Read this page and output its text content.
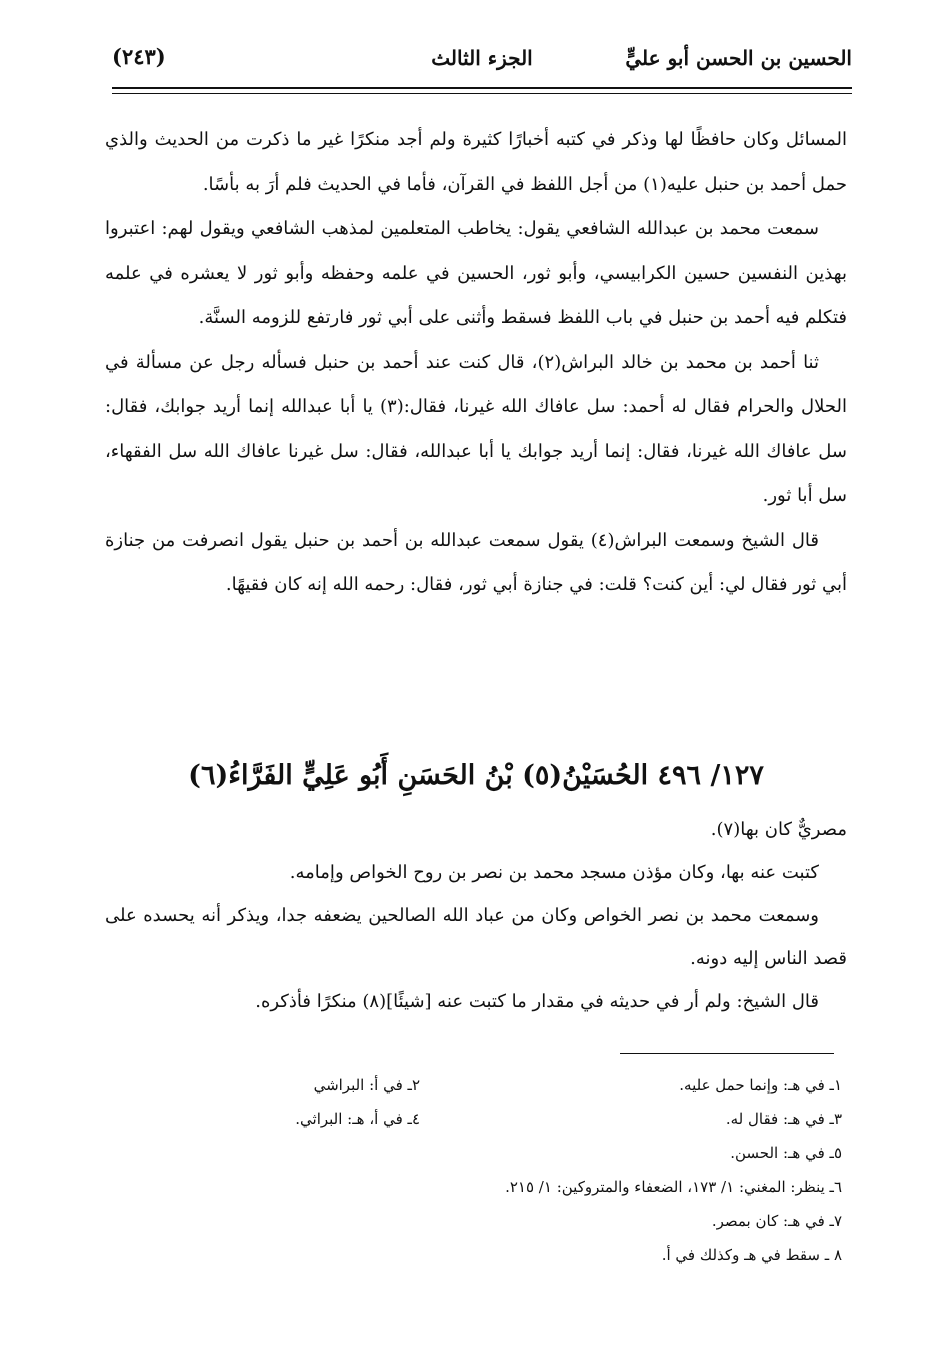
الحسين بن الحسن أبو عليٍّ
الجزء الثالث
(٢٤٣)

المسائل وكان حافظًا لها وذكر في كتبه أخبارًا كثيرة ولم أجد منكرًا غير ما ذكرت من الحديث والذي حمل أحمد بن حنبل عليه(١) من أجل اللفظ في القرآن، فأما في الحديث فلم أرَ به بأسًا.

سمعت محمد بن عبدالله الشافعي يقول: يخاطب المتعلمين لمذهب الشافعي ويقول لهم: اعتبروا بهذين النفسين حسين الكرابيسي، وأبو ثور، الحسين في علمه وحفظه وأبو ثور لا يعشره في علمه فتكلم فيه أحمد بن حنبل في باب اللفظ فسقط وأثنى على أبي ثور فارتفع للزومه السنَّة.

ثنا أحمد بن محمد بن خالد البراش(٢)، قال كنت عند أحمد بن حنبل فسأله رجل عن مسألة في الحلال والحرام فقال له أحمد: سل عافاك الله غيرنا، فقال:(٣) يا أبا عبدالله إنما أريد جوابك، فقال: سل عافاك الله غيرنا، فقال: إنما أريد جوابك يا أبا عبدالله، فقال: سل غيرنا عافاك الله سل الفقهاء، سل أبا ثور.

قال الشيخ وسمعت البراش(٤) يقول سمعت عبدالله بن أحمد بن حنبل يقول انصرفت من جنازة أبي ثور فقال لي: أين كنت؟ قلت: في جنازة أبي ثور، فقال: رحمه الله إنه كان فقيهًا.

١٢٧/ ٤٩٦ الحُسَيْنُ(٥) بْنُ الحَسَنِ أَبُو عَلِيٍّ الفَرَّاءُ(٦)

مصريٌّ كان بها(٧).

كتبت عنه بها، وكان مؤذن مسجد محمد بن نصر بن روح الخواص وإمامه.

وسمعت محمد بن نصر الخواص وكان من عباد الله الصالحين يضعفه جدا، ويذكر أنه يحسده على قصد الناس إليه دونه.

قال الشيخ: ولم أر في حديثه في مقدار ما كتبت عنه [شيئًا](٨) منكرًا فأذكره.

١ـ في هـ: وإنما حمل عليه.
٢ـ في أ: البراشي
٣ـ في هـ: فقال له.
٤ـ في أ، هـ: البراثي.
٥ـ في هـ: الحسن.
٦ـ ينظر: المغني: ١/ ١٧٣، الضعفاء والمتروكين: ١/ ٢١٥.
٧ـ في هـ: كان بمصر.
٨ ـ سقط في هـ وكذلك في أ.
